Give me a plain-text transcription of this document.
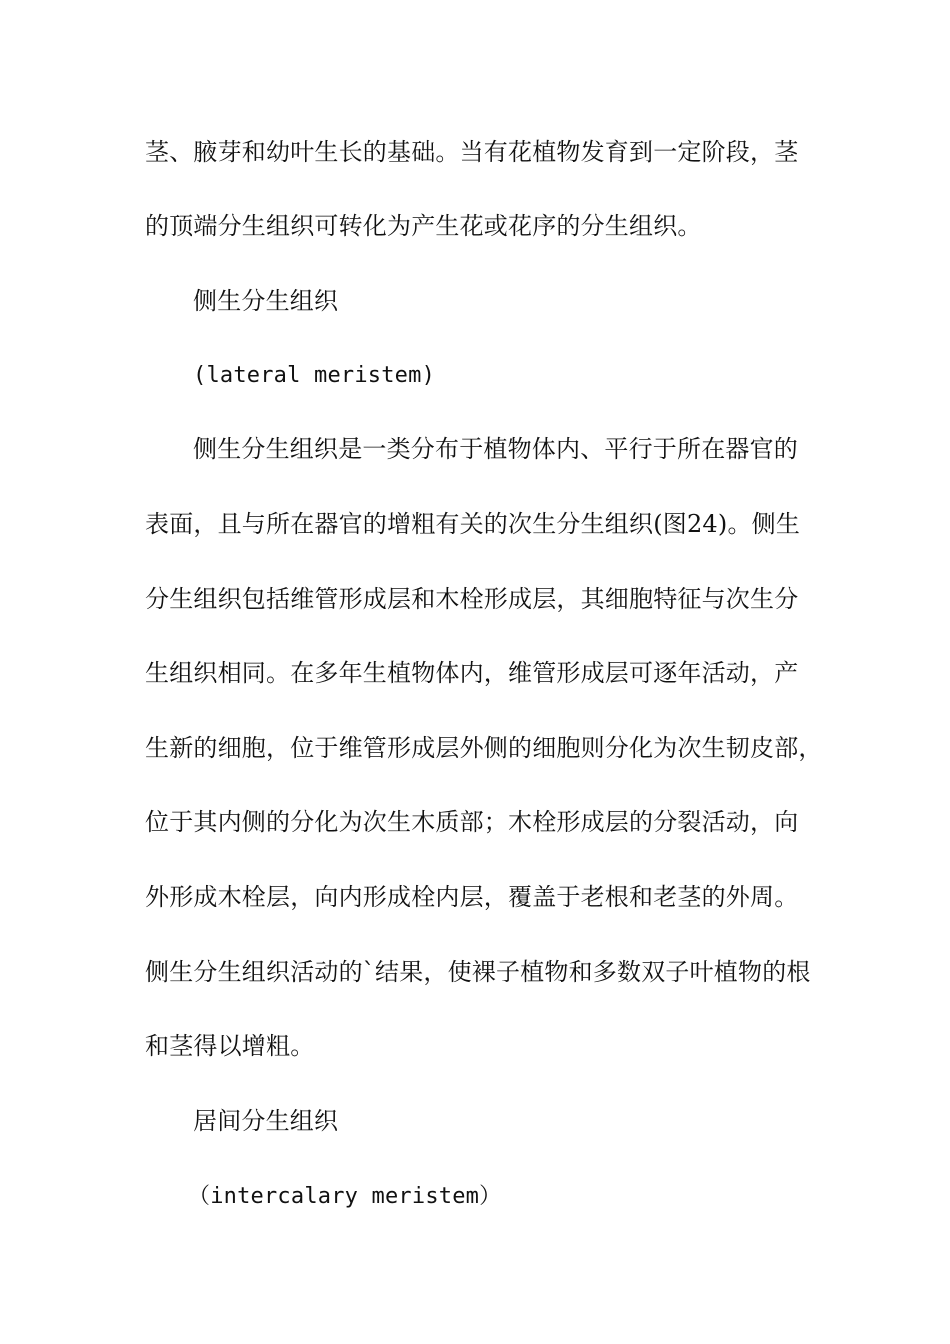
茎、腋芽和幼叶生长的基础。当有花植物发育到一定阶段，茎
的顶端分生组织可转化为产生花或花序的分生组织。
侧生分生组织
(lateral meristem)
侧生分生组织是一类分布于植物体内、平行于所在器官的
表面，且与所在器官的增粗有关的次生分生组织(图24)。侧生
分生组织包括维管形成层和木栓形成层，其细胞特征与次生分
生组织相同。在多年生植物体内，维管形成层可逐年活动，产
生新的细胞，位于维管形成层外侧的细胞则分化为次生韧皮部，
位于其内侧的分化为次生木质部；木栓形成层的分裂活动，向
外形成木栓层，向内形成栓内层，覆盖于老根和老茎的外周。
侧生分生组织活动的`结果，使裸子植物和多数双子叶植物的根
和茎得以增粗。
居间分生组织
（intercalary meristem）
